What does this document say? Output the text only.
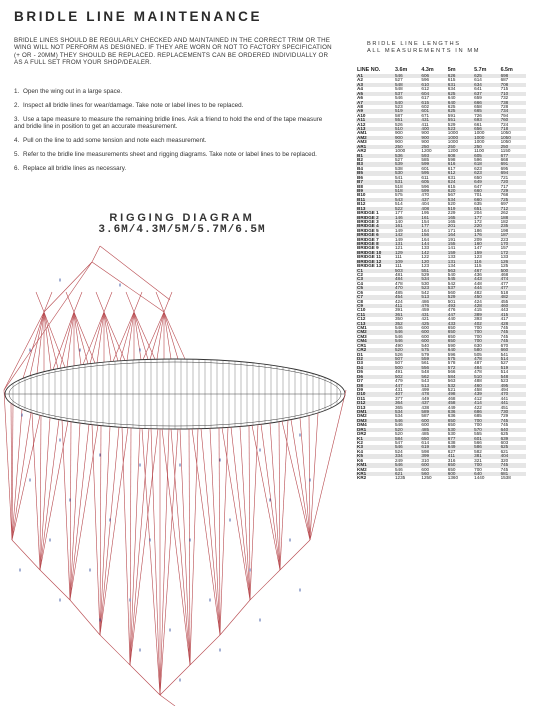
BRIDLE LINE MAINTENANCE

BRIDLE LINES SHOULD BE REGULARLY CHECKED AND MAINTAINED IN THE CORRECT TRIM OR THE WING WILL NOT PERFORM AS DESIGNED. IF THEY ARE WORN OR NOT TO FACTORY SPECIFICATION (+ OR - 20MM) THEY SHOULD BE REPLACED. REPLACEMENTS CAN BE ORDERED INDIVIDUALLY OR AS A FULL SET FROM YOUR SHOP/DEALER.

1. Open the wing out in a large space.
2. Inspect all bridle lines for wear/damage. Take note or label lines to be replaced.
3. Use a tape measure to measure the remaining bridle lines. Ask a friend to hold the end of the tape measure and bridle line in position to get an accurate measurement.
4. Pull on the line to add some tension and note each measurement.
5. Refer to the bridle line measurements sheet and rigging diagrams. Take note or label lines to be replaced.
6. Replace all bridle lines as necessary.
RIGGING DIAGRAM
3.6M/4.3M/5M/5.7M/6.5M
BRIDLE LINE LENGTHS
ALL MEASUREMENTS IN MM
LINE NO.	3.6m	4.3m	5m	5.7m	6.5m
A1	546	606	626	625	698
A2	527	596	615	614	687
A3	548	610	631	634	708
A4	548	612	634	641	715
A5	537	604	625	637	710
A6	546	617	640	659	732
A7	540	615	640	666	738
A8	523	602	625	658	728
A9	519	601	625	665	734
A10	587	671	591	726	794
A11	551	431	551	693	760
A12	526	411	529	661	724
A13	510	400	523	656	718
AM1	900	900	1000	1000	1050
AM2	900	900	1000	1000	1050
AM3	900	900	1000	1000	1050
AR1	250	250	250	250	250
AR2	1000	1200	1200	1100	1150
B1	536	593	608	605	677
B2	527	585	598	596	668
B3	539	599	616	618	691
B4	538	601	617	623	695
B5	530	595	612	623	694
B6	541	611	631	650	721
B7	531	605	624	649	720
B8	518	596	615	647	717
B9	518	599	620	660	729
B10	575	470	567	701	768
B11	543	437	534	660	725
B12	514	404	520	635	697
B13	522	408	519	651	712
BRIDGE 1	177	195	229	204	262
BRIDGE 2	146	161	165	177	188
BRIDGE 3	140	154	165	172	182
BRIDGE 4	161	177	201	220	235
BRIDGE 5	149	164	171	186	198
BRIDGE 6	142	156	164	176	187
BRIDGE 7	149	164	191	209	223
BRIDGE 8	131	144	155	160	170
BRIDGE 9	121	133	141	147	157
BRIDGE 10	129	142	159	159	172
BRIDGE 11	111	122	133	123	133
BRIDGE 12	109	120	131	116	126
BRIDGE 13	111	123	134	115	125
C1	503	551	563	467	500
C2	481	529	540	436	468
C3	484	534	545	443	474
C4	478	530	542	448	477
C5	470	523	537	444	477
C6	485	542	560	482	518
C7	454	513	529	450	482
C8	424	486	501	424	455
C9	411	476	493	428	460
C10	391	459	476	415	443
C11	361	431	447	389	415
C12	350	421	440	393	417
C13	352	425	433	402	428
CM1	546	600	650	700	745
CM2	546	600	650	700	745
CM3	546	600	650	700	745
CM4	546	600	650	700	745
CR1	490	540	590	630	670
CR2	520	575	640	580	660
D1	526	579	596	505	541
D2	507	559	575	478	514
D3	507	561	578	487	527
D4	500	556	572	484	519
D5	491	548	566	478	514
D6	502	562	584	510	548
D7	479	543	563	488	523
D8	447	513	532	460	495
D9	431	499	521	458	494
D10	407	478	498	439	470
D11	377	449	468	412	441
D12	364	437	458	414	441
D13	365	438	449	422	451
DM1	534	589	636	686	730
DM2	534	587	636	685	729
DM3	546	600	650	700	745
DM4	546	600	650	700	745
DR1	520	485	530	570	640
DR2	520	485	530	555	625
K1	584	650	677	601	639
K2	547	614	638	566	603
K3	546	619	649	586	625
K4	524	598	627	582	621
K5	334	399	411	381	404
K6	249	310	316	321	320
KM1	546	600	650	700	745
KM2	546	600	650	700	745
KR1	621	560	600	640	681
KR2	1235	1250	1360	1440	1538
